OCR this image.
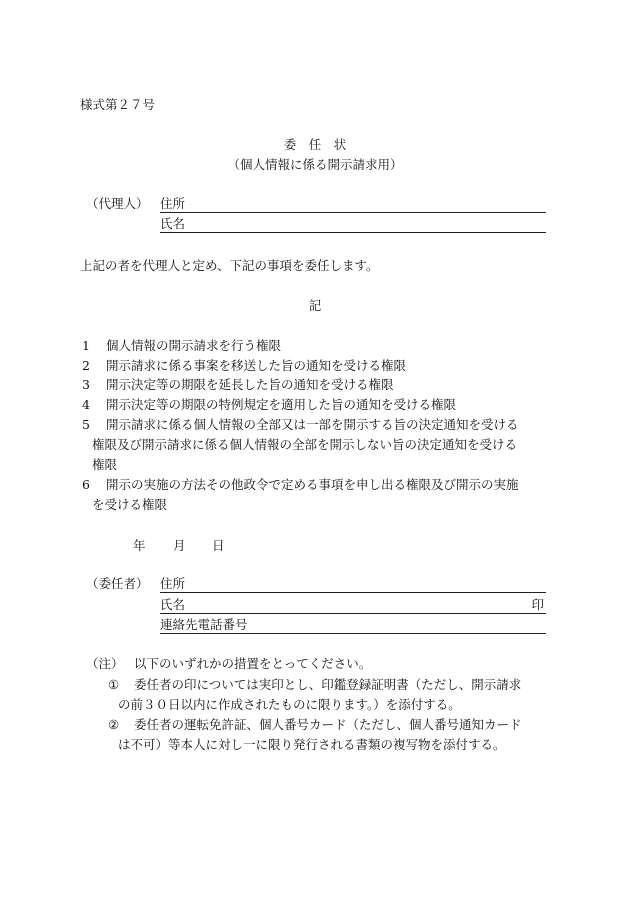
様式第２７号
委　任　状
（個人情報に係る開示請求用）
（代理人） 住所
氏名
上記の者を代理人と定め、下記の事項を委任します。
記
1 個人情報の開示請求を行う権限
2 開示請求に係る事案を移送した旨の通知を受ける権限
3 開示決定等の期限を延長した旨の通知を受ける権限
4 開示決定等の期限の特例規定を適用した旨の通知を受ける権限
5 開示請求に係る個人情報の全部又は一部を開示する旨の決定通知を受ける
権限及び開示請求に係る個人情報の全部を開示しない旨の決定通知を受ける
権限
6 開示の実施の方法その他政令で定める事項を申し出る権限及び開示の実施
を受ける権限
年 月 日
（委任者） 住所
氏名	印
連絡先電話番号
（注） 以下のいずれかの措置をとってください。
① 委任者の印については実印とし、印鑑登録証明書（ただし、開示請求
の前３０日以内に作成されたものに限ります。）を添付する。
② 委任者の運転免許証、個人番号カード（ただし、個人番号通知カード
は不可）等本人に対し一に限り発行される書類の複写物を添付する。
